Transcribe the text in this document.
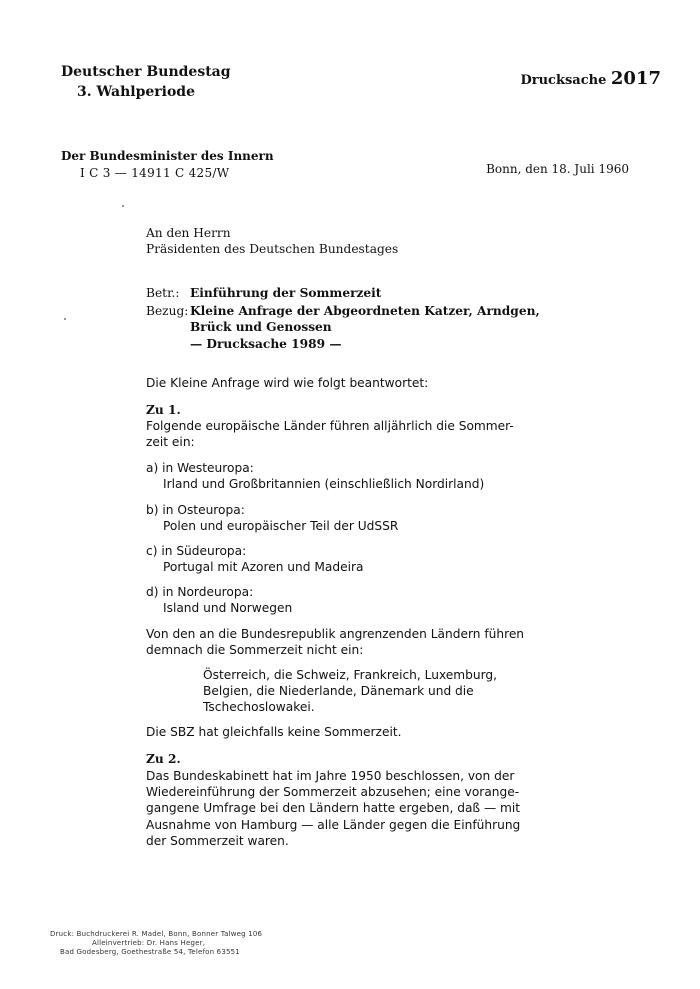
Deutscher Bundestag
3. Wahlperiode
Drucksache 2017
Der Bundesminister des Innern
I C 3 — 14911 C 425/W	Bonn, den 18. Juli 1960
An den Herrn
Präsidenten des Deutschen Bundestages
Betr.: Einführung der Sommerzeit
Bezug: Kleine Anfrage der Abgeordneten Katzer, Arndgen,
Brück und Genossen
— Drucksache 1989 —
Die Kleine Anfrage wird wie folgt beantwortet:
Zu 1.
Folgende europäische Länder führen alljährlich die Sommer-
zeit ein:
a) in Westeuropa:
Irland und Großbritannien (einschließlich Nordirland)
b) in Osteuropa:
Polen und europäischer Teil der UdSSR
c) in Südeuropa:
Portugal mit Azoren und Madeira
d) in Nordeuropa:
Island und Norwegen
Von den an die Bundesrepublik angrenzenden Ländern führen
demnach die Sommerzeit nicht ein:
Österreich, die Schweiz, Frankreich, Luxemburg,
Belgien, die Niederlande, Dänemark und die
Tschechoslowakei.
Die SBZ hat gleichfalls keine Sommerzeit.
Zu 2.
Das Bundeskabinett hat im Jahre 1950 beschlossen, von der
Wiedereinführung der Sommerzeit abzusehen; eine vorange-
gangene Umfrage bei den Ländern hatte ergeben, daß — mit
Ausnahme von Hamburg — alle Länder gegen die Einführung
der Sommerzeit waren.
Druck: Buchdruckerei R. Madel, Bonn, Bonner Talweg 106
Alleinvertrieb: Dr. Hans Heger,
Bad Godesberg, Goethestraße 54, Telefon 63551
